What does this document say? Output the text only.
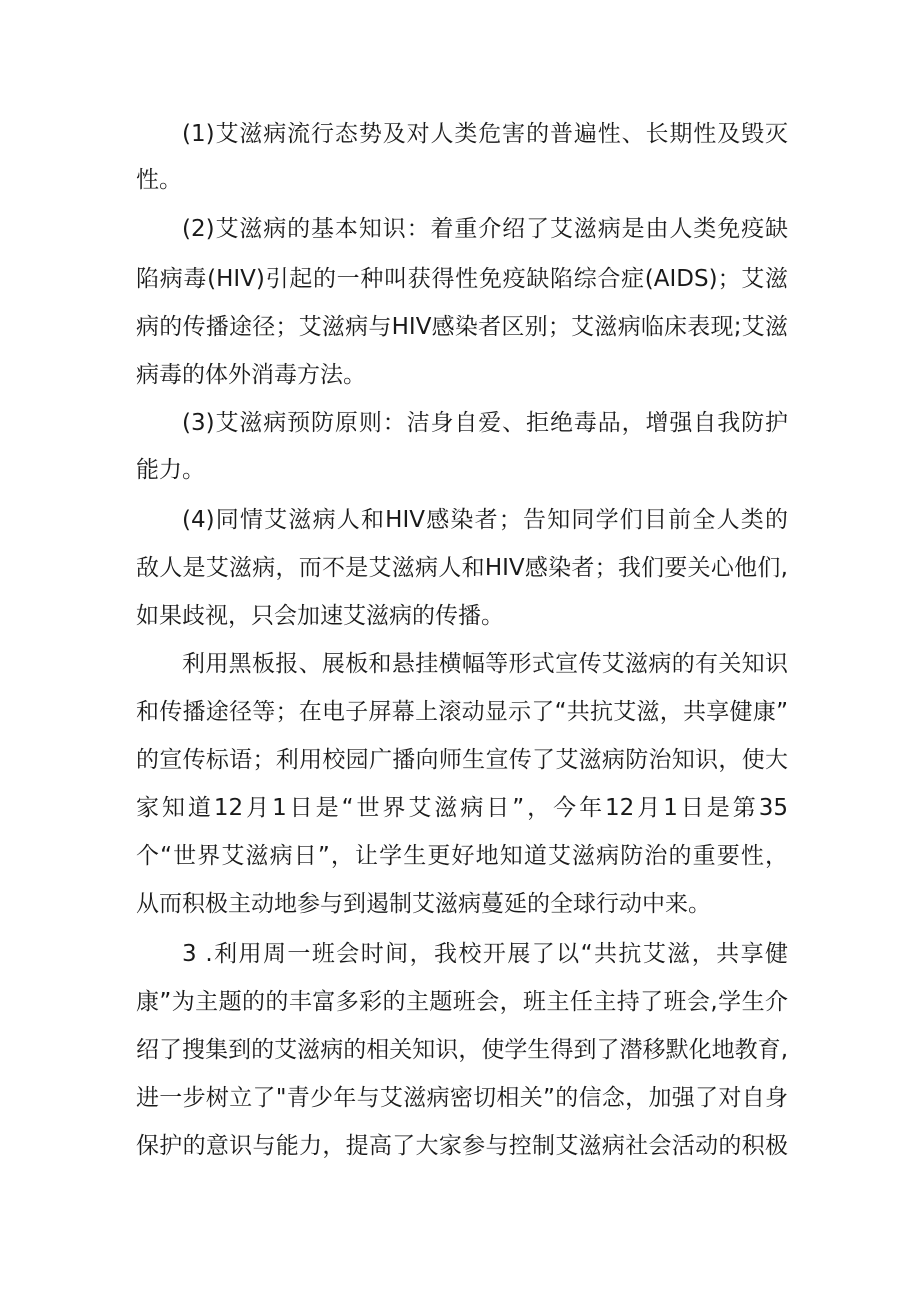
(1)艾滋病流行态势及对人类危害的普遍性、长期性及毁灭
性。
(2)艾滋病的基本知识：着重介绍了艾滋病是由人类免疫缺
陷病毒(HIV)引起的一种叫获得性免疫缺陷综合症(AIDS)；艾滋
病的传播途径；艾滋病与HIV感染者区别；艾滋病临床表现;艾滋
病毒的体外消毒方法。
(3)艾滋病预防原则：洁身自爱、拒绝毒品，增强自我防护
能力。
(4)同情艾滋病人和HIV感染者；告知同学们目前全人类的
敌人是艾滋病，而不是艾滋病人和HIV感染者；我们要关心他们,
如果歧视，只会加速艾滋病的传播。
利用黑板报、展板和悬挂横幅等形式宣传艾滋病的有关知识
和传播途径等；在电子屏幕上滚动显示了“共抗艾滋，共享健康”
的宣传标语；利用校园广播向师生宣传了艾滋病防治知识，使大
家知道12月1日是“世界艾滋病日”，今年12月1日是第35
个“世界艾滋病日”，让学生更好地知道艾滋病防治的重要性，
从而积极主动地参与到遏制艾滋病蔓延的全球行动中来。
3 .利用周一班会时间，我校开展了以“共抗艾滋，共享健
康”为主题的的丰富多彩的主题班会，班主任主持了班会,学生介
绍了搜集到的艾滋病的相关知识，使学生得到了潜移默化地教育,
进一步树立了"青少年与艾滋病密切相关”的信念，加强了对自身
保护的意识与能力，提高了大家参与控制艾滋病社会活动的积极
